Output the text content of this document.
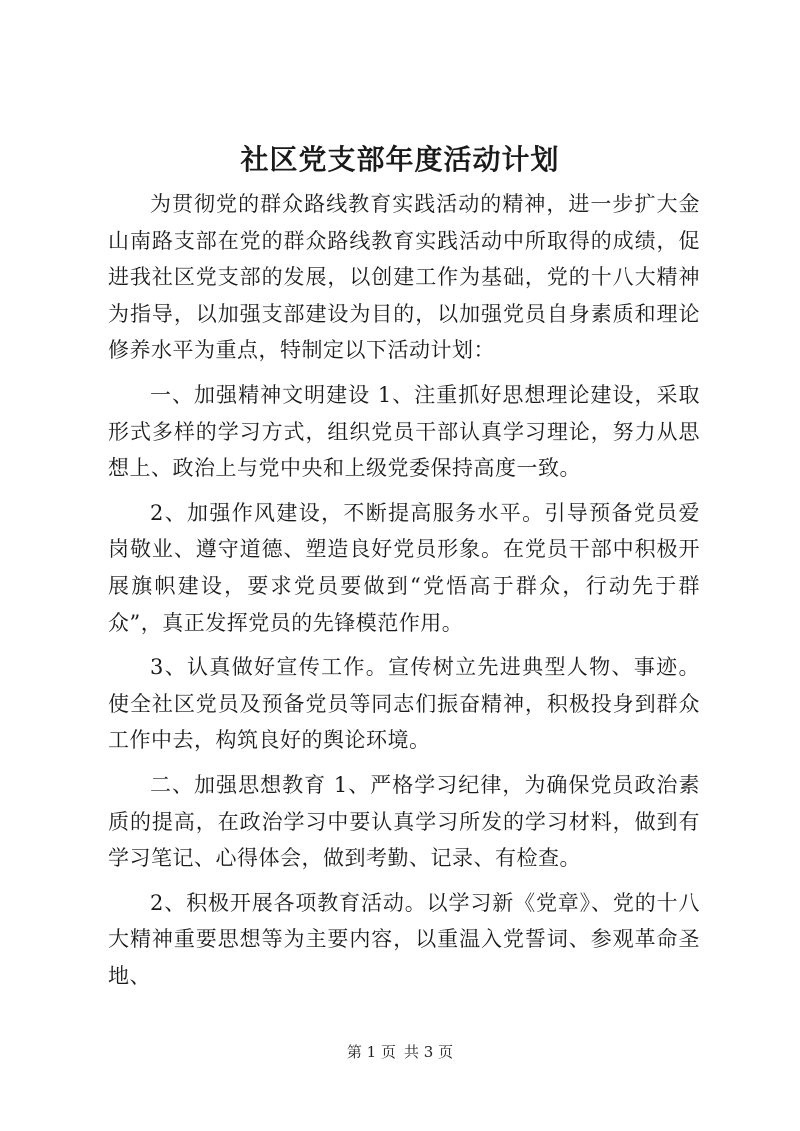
社区党支部年度活动计划

为贯彻党的群众路线教育实践活动的精神，进一步扩大金山南路支部在党的群众路线教育实践活动中所取得的成绩，促进我社区党支部的发展，以创建工作为基础，党的十八大精神为指导，以加强支部建设为目的，以加强党员自身素质和理论修养水平为重点，特制定以下活动计划：

一、加强精神文明建设 1、注重抓好思想理论建设，采取形式多样的学习方式，组织党员干部认真学习理论，努力从思想上、政治上与党中央和上级党委保持高度一致。

2、加强作风建设，不断提高服务水平。引导预备党员爱岗敬业、遵守道德、塑造良好党员形象。在党员干部中积极开展旗帜建设，要求党员要做到“党悟高于群众，行动先于群众”，真正发挥党员的先锋模范作用。

3、认真做好宣传工作。宣传树立先进典型人物、事迹。使全社区党员及预备党员等同志们振奋精神，积极投身到群众工作中去，构筑良好的舆论环境。

二、加强思想教育 1、严格学习纪律，为确保党员政治素质的提高，在政治学习中要认真学习所发的学习材料，做到有学习笔记、心得体会，做到考勤、记录、有检查。

2、积极开展各项教育活动。以学习新《党章》、党的十八大精神重要思想等为主要内容，以重温入党誓词、参观革命圣地、

第 1 页 共 3 页
